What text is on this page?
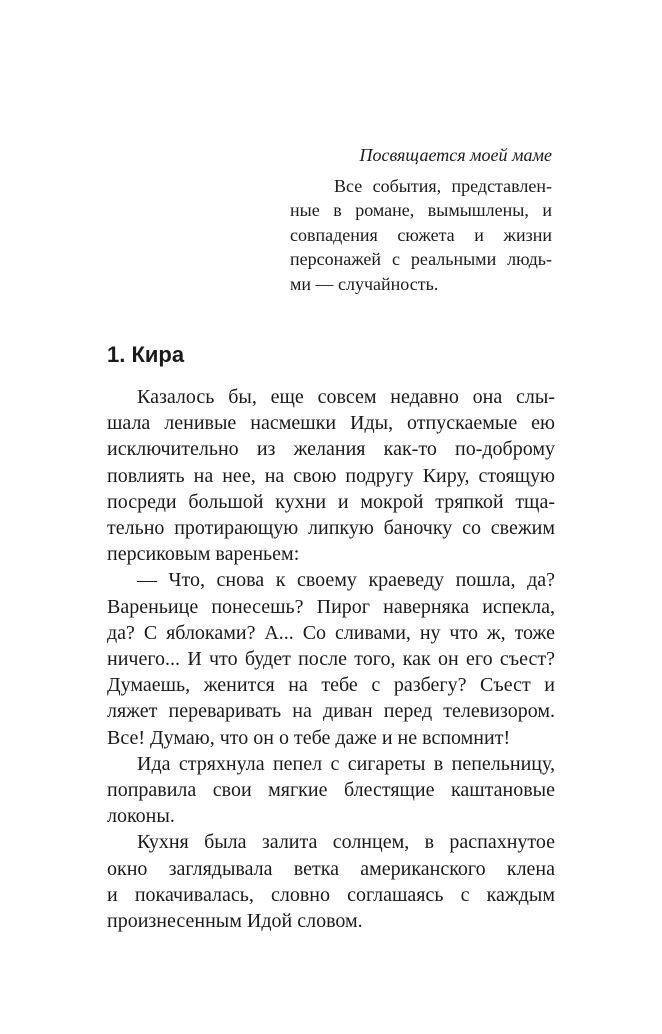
Посвящается моей маме
Все события, представлен-
ные в романе, вымышлены, и
совпадения сюжета и жизни
персонажей с реальными людь-
ми — случайность.
1. Кира
Казалось бы, еще совсем недавно она слы-
шала ленивые насмешки Иды, отпускаемые ею
исключительно из желания как-то по-доброму
повлиять на нее, на свою подругу Киру, стоящую
посреди большой кухни и мокрой тряпкой тща-
тельно протирающую липкую баночку со свежим
персиковым вареньем:
— Что, снова к своему краеведу пошла, да?
Вареньице понесешь? Пирог наверняка испекла,
да? С яблоками? А... Со сливами, ну что ж, тоже
ничего... И что будет после того, как он его съест?
Думаешь, женится на тебе с разбегу? Съест и
ляжет переваривать на диван перед телевизором.
Все! Думаю, что он о тебе даже и не вспомнит!
Ида стряхнула пепел с сигареты в пепельницу,
поправила свои мягкие блестящие каштановые
локоны.
Кухня была залита солнцем, в распахнутое
окно заглядывала ветка американского клена
и покачивалась, словно соглашаясь с каждым
произнесенным Идой словом.
